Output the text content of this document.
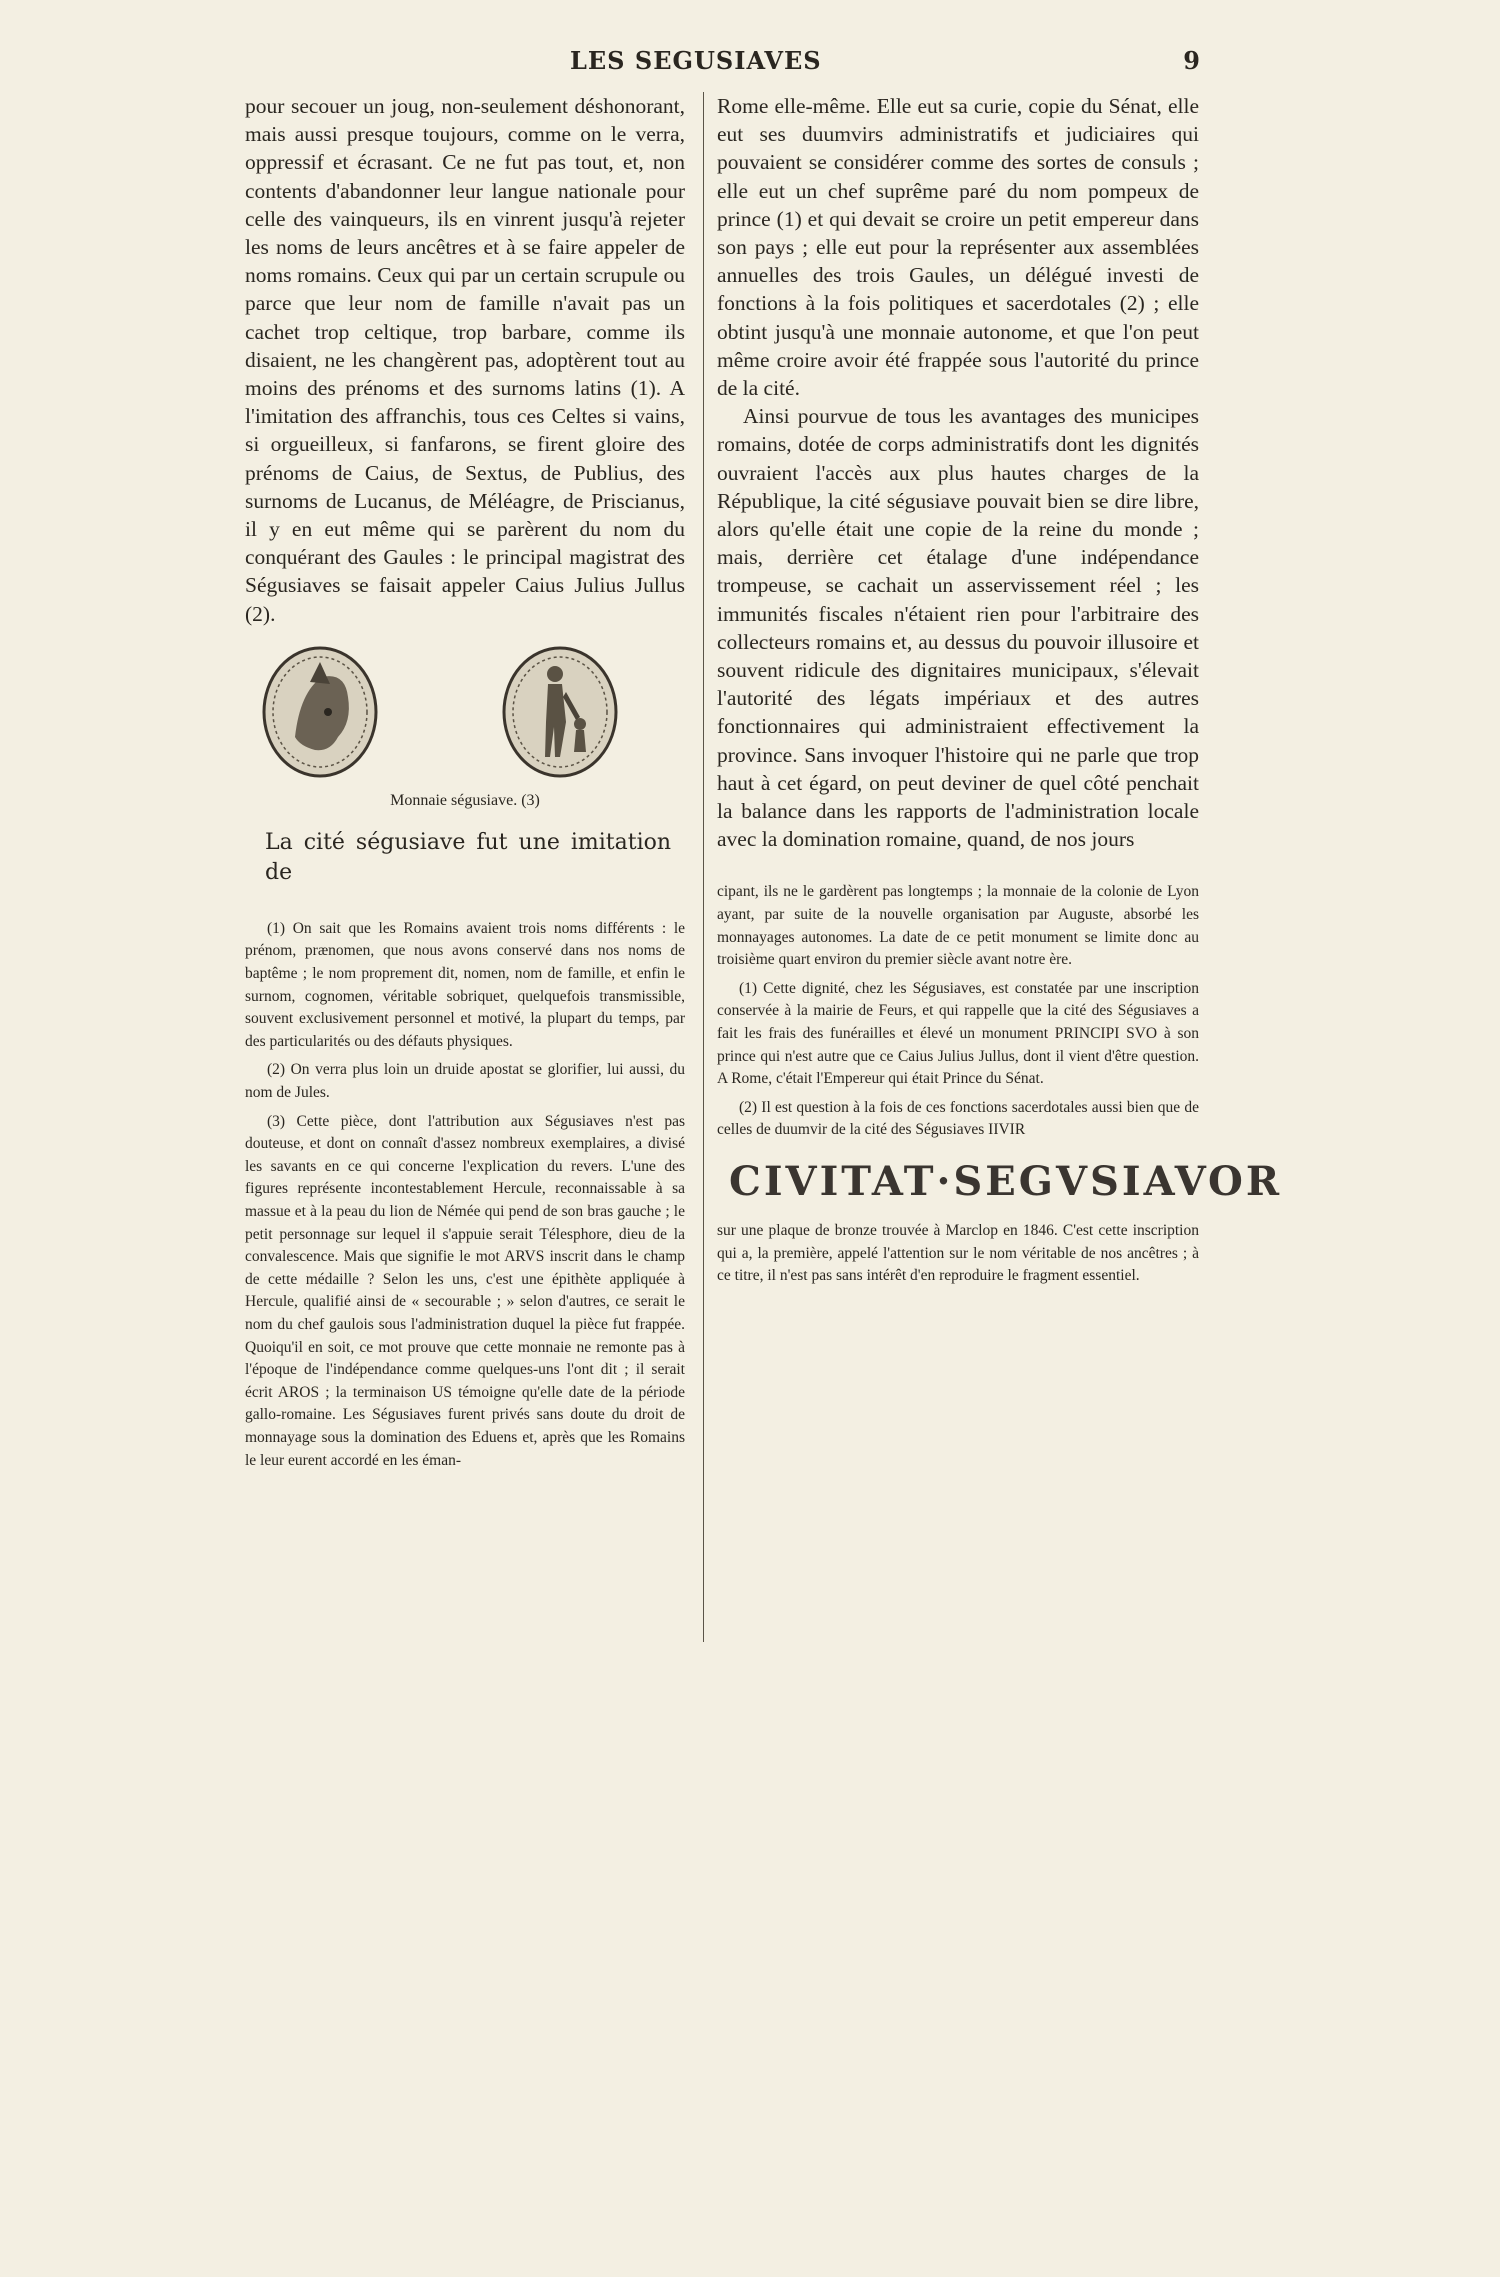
LES SEGUSIAVES	9

pour secouer un joug, non-seulement déshonorant, mais aussi presque toujours, comme on le verra, oppressif et écrasant. Ce ne fut pas tout, et, non contents d'abandonner leur langue nationale pour celle des vainqueurs, ils en vinrent jusqu'à rejeter les noms de leurs ancêtres et à se faire appeler de noms romains. Ceux qui par un certain scrupule ou parce que leur nom de famille n'avait pas un cachet trop celtique, trop barbare, comme ils disaient, ne les changèrent pas, adoptèrent tout au moins des prénoms et des surnoms latins (1). A l'imitation des affranchis, tous ces Celtes si vains, si orgueilleux, si fanfarons, se firent gloire des prénoms de Caius, de Sextus, de Publius, des surnoms de Lucanus, de Méléagre, de Priscianus, il y en eut même qui se parèrent du nom du conquérant des Gaules : le principal magistrat des Ségusiaves se faisait appeler Caius Julius Jullus (2).

Monnaie ségusiave. (3)

La cité ségusiave fut une imitation de

(1) On sait que les Romains avaient trois noms différents : le prénom, prænomen, que nous avons conservé dans nos noms de baptême ; le nom proprement dit, nomen, nom de famille, et enfin le surnom, cognomen, véritable sobriquet, quelquefois transmissible, souvent exclusivement personnel et motivé, la plupart du temps, par des particularités ou des défauts physiques.

(2) On verra plus loin un druide apostat se glorifier, lui aussi, du nom de Jules.

(3) Cette pièce, dont l'attribution aux Ségusiaves n'est pas douteuse, et dont on connaît d'assez nombreux exemplaires, a divisé les savants en ce qui concerne l'explication du revers. L'une des figures représente incontestablement Hercule, reconnaissable à sa massue et à la peau du lion de Némée qui pend de son bras gauche ; le petit personnage sur lequel il s'appuie serait Télesphore, dieu de la convalescence. Mais que signifie le mot ARVS inscrit dans le champ de cette médaille ? Selon les uns, c'est une épithète appliquée à Hercule, qualifié ainsi de « secourable ; » selon d'autres, ce serait le nom du chef gaulois sous l'administration duquel la pièce fut frappée. Quoiqu'il en soit, ce mot prouve que cette monnaie ne remonte pas à l'époque de l'indépendance comme quelques-uns l'ont dit ; il serait écrit AROS ; la terminaison US témoigne qu'elle date de la période gallo-romaine. Les Ségusiaves furent privés sans doute du droit de monnayage sous la domination des Eduens et, après que les Romains le leur eurent accordé en les éman-

Rome elle-même. Elle eut sa curie, copie du Sénat, elle eut ses duumvirs administratifs et judiciaires qui pouvaient se considérer comme des sortes de consuls ; elle eut un chef suprême paré du nom pompeux de prince (1) et qui devait se croire un petit empereur dans son pays ; elle eut pour la représenter aux assemblées annuelles des trois Gaules, un délégué investi de fonctions à la fois politiques et sacerdotales (2) ; elle obtint jusqu'à une monnaie autonome, et que l'on peut même croire avoir été frappée sous l'autorité du prince de la cité.

Ainsi pourvue de tous les avantages des municipes romains, dotée de corps administratifs dont les dignités ouvraient l'accès aux plus hautes charges de la République, la cité ségusiave pouvait bien se dire libre, alors qu'elle était une copie de la reine du monde ; mais, derrière cet étalage d'une indépendance trompeuse, se cachait un asservissement réel ; les immunités fiscales n'étaient rien pour l'arbitraire des collecteurs romains et, au dessus du pouvoir illusoire et souvent ridicule des dignitaires municipaux, s'élevait l'autorité des légats impériaux et des autres fonctionnaires qui administraient effectivement la province. Sans invoquer l'histoire qui ne parle que trop haut à cet égard, on peut deviner de quel côté penchait la balance dans les rapports de l'administration locale avec la domination romaine, quand, de nos jours

cipant, ils ne le gardèrent pas longtemps ; la monnaie de la colonie de Lyon ayant, par suite de la nouvelle organisation par Auguste, absorbé les monnayages autonomes. La date de ce petit monument se limite donc au troisième quart environ du premier siècle avant notre ère.

(1) Cette dignité, chez les Ségusiaves, est constatée par une inscription conservée à la mairie de Feurs, et qui rappelle que la cité des Ségusiaves a fait les frais des funérailles et élevé un monument PRINCIPI SVO à son prince qui n'est autre que ce Caius Julius Jullus, dont il vient d'être question. A Rome, c'était l'Empereur qui était Prince du Sénat.

(2) Il est question à la fois de ces fonctions sacerdotales aussi bien que de celles de duumvir de la cité des Ségusiaves IIVIR

CIVITAT·SEGVSIAVOR

sur une plaque de bronze trouvée à Marclop en 1846. C'est cette inscription qui a, la première, appelé l'attention sur le nom véritable de nos ancêtres ; à ce titre, il n'est pas sans intérêt d'en reproduire le fragment essentiel.
